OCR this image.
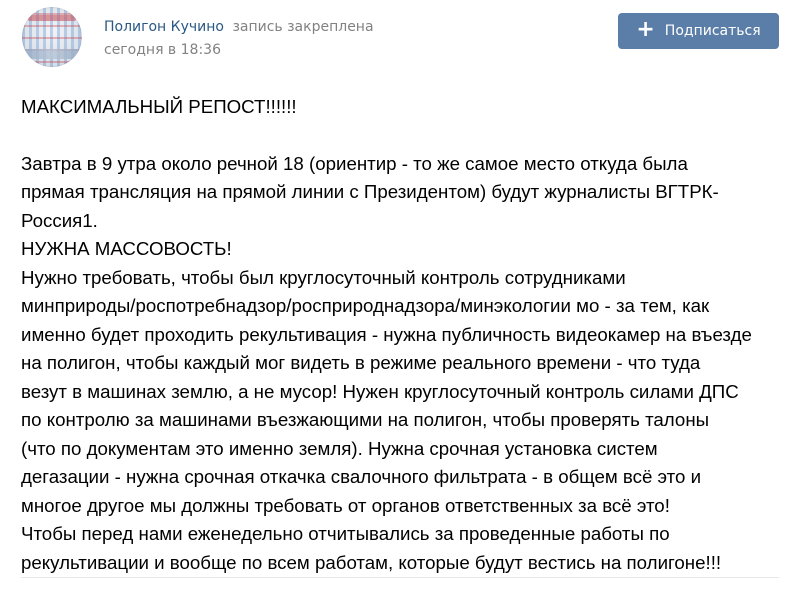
Полигон Кучино запись закреплена
сегодня в 18:36
+ Подписаться

МАКСИМАЛЬНЫЙ РЕПОСТ!!!!!!

Завтра в 9 утра около речной 18 (ориентир - то же самое место откуда была

прямая трансляция на прямой линии с Президентом) будут журналисты ВГТРК-

Россия1.

НУЖНА МАССОВОСТЬ!

Нужно требовать, чтобы был круглосуточный контроль сотрудниками

минприроды/роспотребнадзор/росприроднадзора/минэкологии мо - за тем, как

именно будет проходить рекультивация - нужна публичность видеокамер на въезде

на полигон, чтобы каждый мог видеть в режиме реального времени - что туда

везут в машинах землю, а не мусор! Нужен круглосуточный контроль силами ДПС

по контролю за машинами въезжающими на полигон, чтобы проверять талоны

(что по документам это именно земля). Нужна срочная установка систем

дегазации - нужна срочная откачка свалочного фильтрата - в общем всё это и

многое другое мы должны требовать от органов ответственных за всё это!

Чтобы перед нами еженедельно отчитывались за проведенные работы по

рекультивации и вообще по всем работам, которые будут вестись на полигоне!!!
